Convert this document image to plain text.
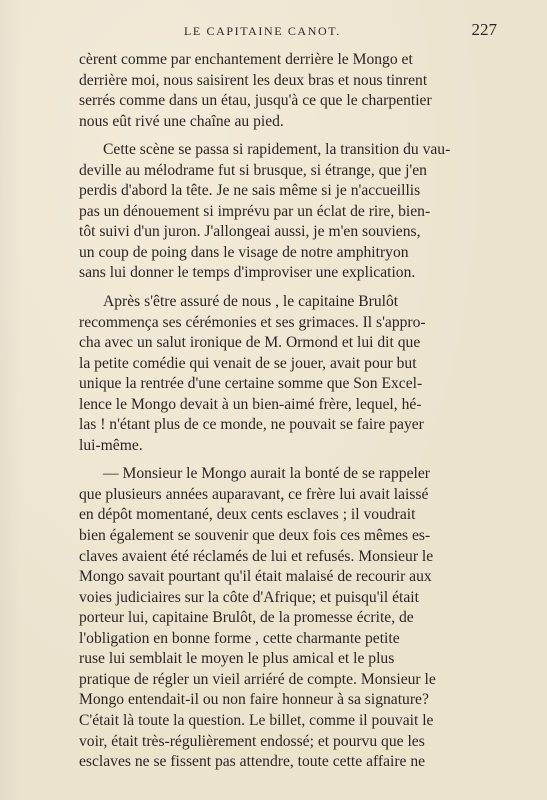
LE CAPITAINE CANOT.	227
cèrent comme par enchantement derrière le Mongo et
derrière moi, nous saisirent les deux bras et nous tinrent
serrés comme dans un étau, jusqu'à ce que le charpentier
nous eût rivé une chaîne au pied.
Cette scène se passa si rapidement, la transition du vau-
deville au mélodrame fut si brusque, si étrange, que j'en
perdis d'abord la tête. Je ne sais même si je n'accueillis
pas un dénouement si imprévu par un éclat de rire, bien-
tôt suivi d'un juron. J'allongeai aussi, je m'en souviens,
un coup de poing dans le visage de notre amphitryon
sans lui donner le temps d'improviser une explication.
Après s'être assuré de nous , le capitaine Brulôt
recommença ses cérémonies et ses grimaces. Il s'appro-
cha avec un salut ironique de M. Ormond et lui dit que
la petite comédie qui venait de se jouer, avait pour but
unique la rentrée d'une certaine somme que Son Excel-
lence le Mongo devait à un bien-aimé frère, lequel, hé-
las ! n'étant plus de ce monde, ne pouvait se faire payer
lui-même.
— Monsieur le Mongo aurait la bonté de se rappeler
que plusieurs années auparavant, ce frère lui avait laissé
en dépôt momentané, deux cents esclaves ; il voudrait
bien également se souvenir que deux fois ces mêmes es-
claves avaient été réclamés de lui et refusés. Monsieur le
Mongo savait pourtant qu'il était malaisé de recourir aux
voies judiciaires sur la côte d'Afrique; et puisqu'il était
porteur lui, capitaine Brulôt, de la promesse écrite, de
l'obligation en bonne forme , cette charmante petite
ruse lui semblait le moyen le plus amical et le plus
pratique de régler un vieil arriéré de compte. Monsieur le
Mongo entendait-il ou non faire honneur à sa signature?
C'était là toute la question. Le billet, comme il pouvait le
voir, était très-régulièrement endossé; et pourvu que les
esclaves ne se fissent pas attendre, toute cette affaire ne
